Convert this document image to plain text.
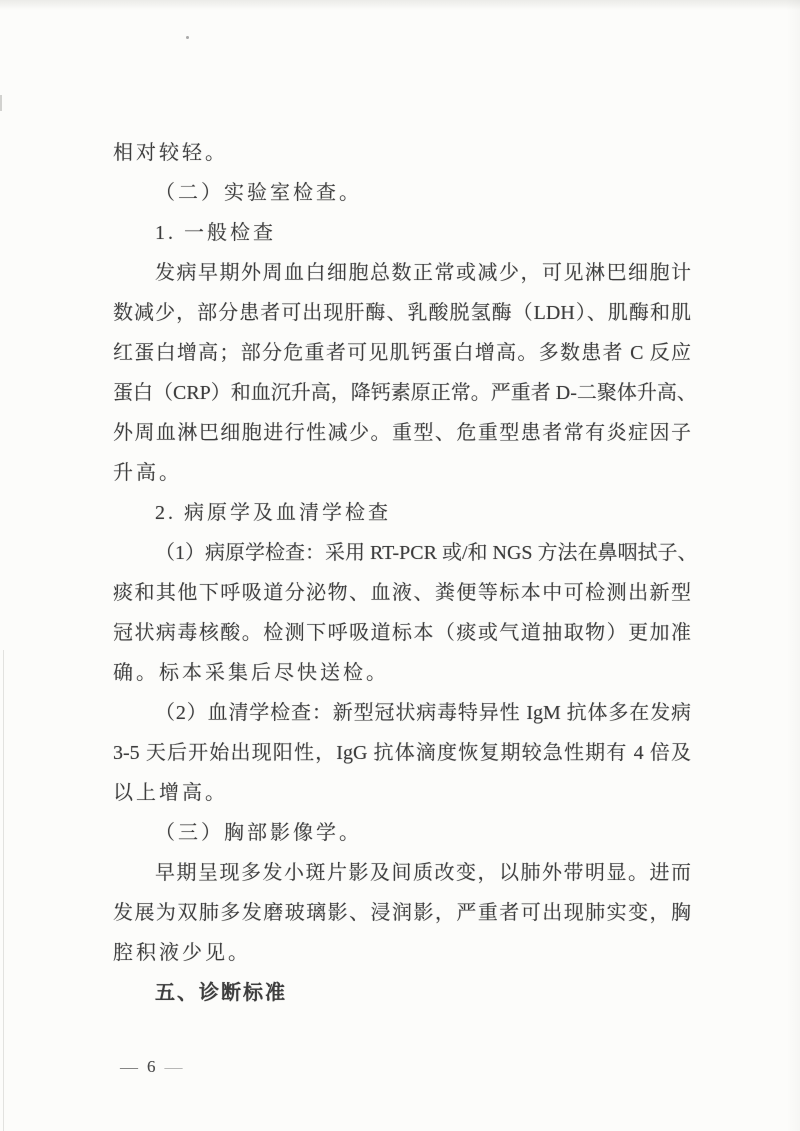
相对较轻。
（二）实验室检查。
1. 一般检查
发病早期外周血白细胞总数正常或减少，可见淋巴细胞计
数减少，部分患者可出现肝酶、乳酸脱氢酶（LDH）、肌酶和肌
红蛋白增高；部分危重者可见肌钙蛋白增高。多数患者 C 反应
蛋白（CRP）和血沉升高，降钙素原正常。严重者 D-二聚体升高、
外周血淋巴细胞进行性减少。重型、危重型患者常有炎症因子
升高。
2. 病原学及血清学检查
（1）病原学检查：采用 RT-PCR 或/和 NGS 方法在鼻咽拭子、
痰和其他下呼吸道分泌物、血液、粪便等标本中可检测出新型
冠状病毒核酸。检测下呼吸道标本（痰或气道抽取物）更加准
确。标本采集后尽快送检。
（2）血清学检查：新型冠状病毒特异性 IgM 抗体多在发病
3-5 天后开始出现阳性，IgG 抗体滴度恢复期较急性期有 4 倍及
以上增高。
（三）胸部影像学。
早期呈现多发小斑片影及间质改变，以肺外带明显。进而
发展为双肺多发磨玻璃影、浸润影，严重者可出现肺实变，胸
腔积液少见。
五、诊断标准
— 6 —
